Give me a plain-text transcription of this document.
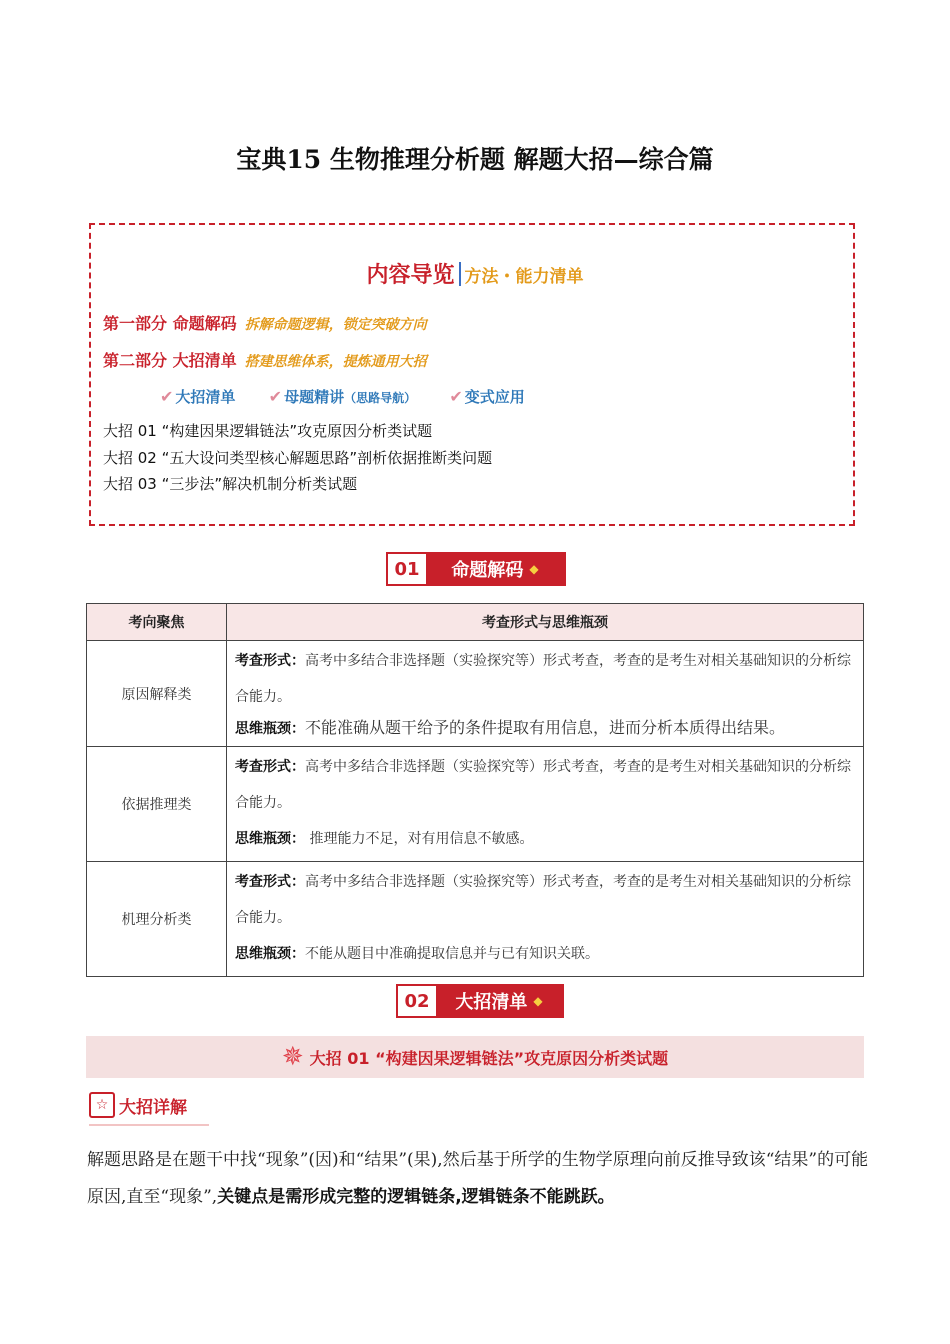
宝典15 生物推理分析题 解题大招—综合篇
内容导览 方法・能力清单
第一部分 命题解码 拆解命题逻辑，锁定突破方向
第二部分 大招清单 搭建思维体系，提炼通用大招
✔ 大招清单 ✔ 母题精讲（思路导航） ✔ 变式应用
大招 01 “构建因果逻辑链法”攻克原因分析类试题
大招 02 “五大设问类型核心解题思路”剖析依据推断类问题
大招 03 “三步法”解决机制分析类试题
01	命题解码 ◆
考向聚焦	考查形式与思维瓶颈
原因解释类	考查形式：高考中多结合非选择题（实验探究等）形式考查，考查的是考生对相关基础知识的分析综合能力。
思维瓶颈：不能准确从题干给予的条件提取有用信息，进而分析本质得出结果。

依据推理类	考查形式：高考中多结合非选择题（实验探究等）形式考查，考查的是考生对相关基础知识的分析综合能力。
思维瓶颈： 推理能力不足，对有用信息不敏感。

机理分析类	考查形式：高考中多结合非选择题（实验探究等）形式考查，考查的是考生对相关基础知识的分析综合能力。
思维瓶颈：不能从题目中准确提取信息并与已有知识关联。
02	大招清单 ◆
✵ 大招 01 “构建因果逻辑链法”攻克原因分析类试题
☆ 大招详解
解题思路是在题干中找“现象”(因)和“结果”(果),然后基于所学的生物学原理向前反推导致该“结果”的可能原因,直至“现象”,关键点是需形成完整的逻辑链条,逻辑链条不能跳跃。
